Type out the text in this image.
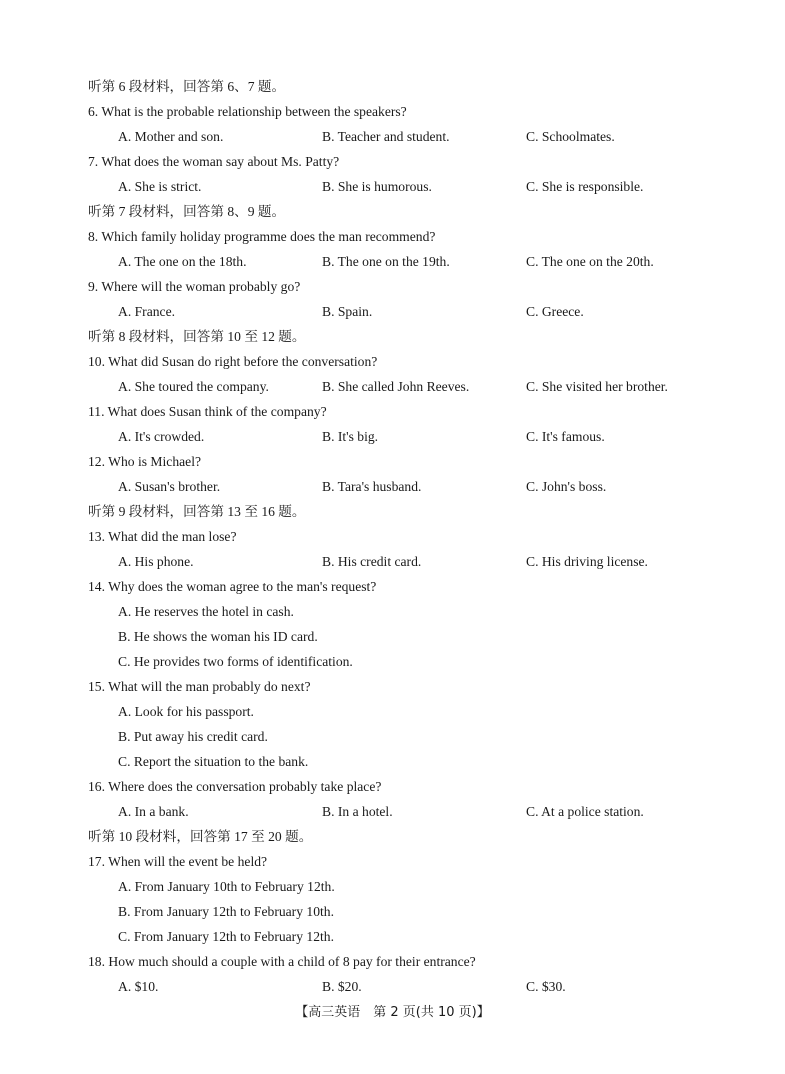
听第 6 段材料，回答第 6、7 题。
6. What is the probable relationship between the speakers?
A. Mother and son.	B. Teacher and student.	C. Schoolmates.
7. What does the woman say about Ms. Patty?
A. She is strict.	B. She is humorous.	C. She is responsible.
听第 7 段材料，回答第 8、9 题。
8. Which family holiday programme does the man recommend?
A. The one on the 18th.	B. The one on the 19th.	C. The one on the 20th.
9. Where will the woman probably go?
A. France.	B. Spain.	C. Greece.
听第 8 段材料，回答第 10 至 12 题。
10. What did Susan do right before the conversation?
A. She toured the company.	B. She called John Reeves.	C. She visited her brother.
11. What does Susan think of the company?
A. It's crowded.	B. It's big.	C. It's famous.
12. Who is Michael?
A. Susan's brother.	B. Tara's husband.	C. John's boss.
听第 9 段材料，回答第 13 至 16 题。
13. What did the man lose?
A. His phone.	B. His credit card.	C. His driving license.
14. Why does the woman agree to the man's request?
A. He reserves the hotel in cash.
B. He shows the woman his ID card.
C. He provides two forms of identification.
15. What will the man probably do next?
A. Look for his passport.
B. Put away his credit card.
C. Report the situation to the bank.
16. Where does the conversation probably take place?
A. In a bank.	B. In a hotel.	C. At a police station.
听第 10 段材料，回答第 17 至 20 题。
17. When will the event be held?
A. From January 10th to February 12th.
B. From January 12th to February 10th.
C. From January 12th to February 12th.
18. How much should a couple with a child of 8 pay for their entrance?
A. $10.	B. $20.	C. $30.
【高三英语　第 2 页(共 10 页)】
